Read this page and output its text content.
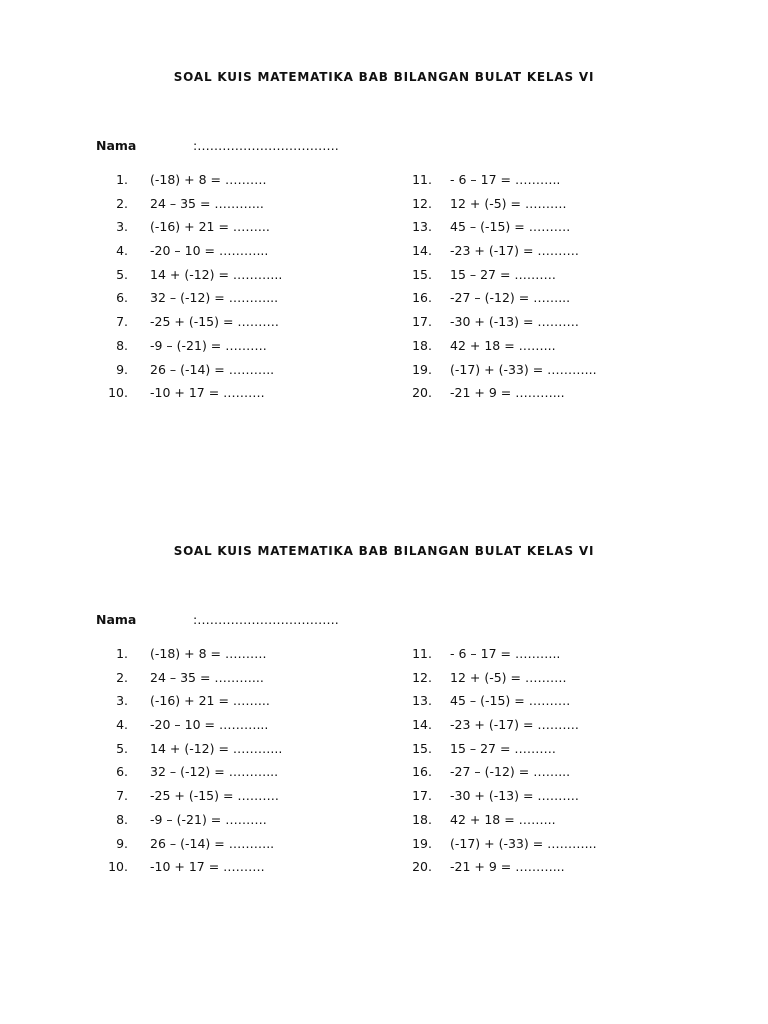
SOAL KUIS MATEMATIKA BAB BILANGAN BULAT KELAS VI
Nama	:…………………………….
1. (-18) + 8 = ……….
2. 24 – 35 = ………...
3. (-16) + 21 = ……...
4. -20 – 10 = ………...
5. 14 + (-12) = ………...
6. 32 – (-12) = ………...
7. -25 + (-15) = ……….
8. -9 – (-21) = ……….
9. 26 – (-14) = ………..
10. -10 + 17 = ……….
11. - 6 – 17 = ………..
12. 12 + (-5) = ……….
13. 45 – (-15) = ……….
14. -23 + (-17) = ……….
15. 15 – 27 = ……….
16. -27 – (-12) = ……...
17. -30 + (-13) = ……….
18. 42 + 18 = ……...
19. (-17) + (-33) = ………...
20. -21 + 9 = ………...
SOAL KUIS MATEMATIKA BAB BILANGAN BULAT KELAS VI
Nama	:…………………………….
1. (-18) + 8 = ……….
2. 24 – 35 = ………...
3. (-16) + 21 = ……...
4. -20 – 10 = ………...
5. 14 + (-12) = ………...
6. 32 – (-12) = ………...
7. -25 + (-15) = ……….
8. -9 – (-21) = ……….
9. 26 – (-14) = ………..
10. -10 + 17 = ……….
11. - 6 – 17 = ………..
12. 12 + (-5) = ……….
13. 45 – (-15) = ……….
14. -23 + (-17) = ……….
15. 15 – 27 = ……….
16. -27 – (-12) = ……...
17. -30 + (-13) = ……….
18. 42 + 18 = ……...
19. (-17) + (-33) = ………...
20. -21 + 9 = ………...
